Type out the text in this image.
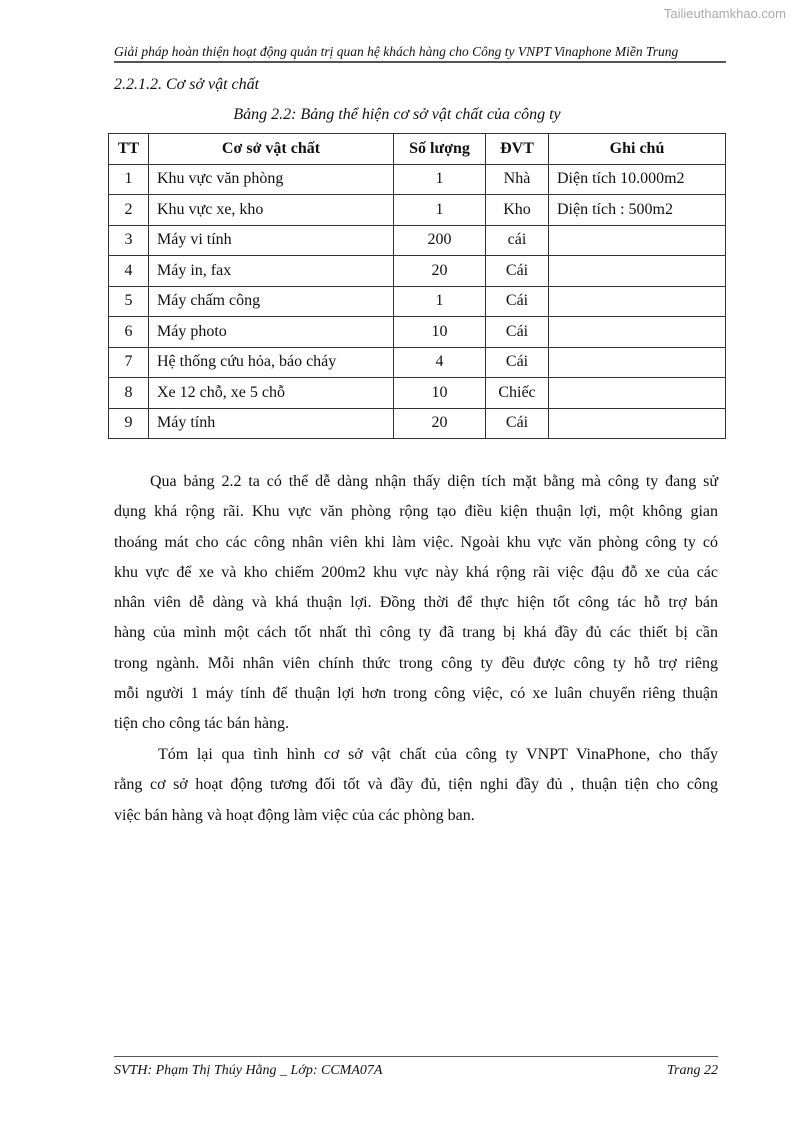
Tailieuthamkhao.com
Giải pháp hoàn thiện hoạt động quản trị quan hệ khách hàng cho Công ty VNPT Vinaphone Miền Trung
2.2.1.2. Cơ sở vật chất
Bảng 2.2: Bảng thể hiện cơ sở vật chất của công ty
TT	Cơ sở vật chất	Số lượng	ĐVT	Ghi chú
1	Khu vực văn phòng	1	Nhà	Diện tích 10.000m2
2	Khu vực xe, kho	1	Kho	Diện tích : 500m2
3	Máy vi tính	200	cái	
4	Máy in, fax	20	Cái	
5	Máy chấm công	1	Cái	
6	Máy photo	10	Cái	
7	Hệ thống cứu hỏa, báo cháy	4	Cái	
8	Xe 12 chỗ, xe 5 chỗ	10	Chiếc	
9	Máy tính	20	Cái	
Qua bảng 2.2 ta có thể dễ dàng nhận thấy diện tích mặt bằng mà công ty đang sử
dụng khá rộng rãi. Khu vực văn phòng rộng tạo điều kiện thuận lợi, một không gian
thoáng mát cho các công nhân viên khi làm việc. Ngoài khu vực văn phòng công ty có
khu vực để xe và kho chiếm 200m2 khu vực này khá rộng rãi việc đậu đỗ xe của các
nhân viên dễ dàng và khá thuận lợi. Đồng thời để thực hiện tốt công tác hỗ trợ bán
hàng của mình một cách tốt nhất thì công ty đã trang bị khá đầy đủ các thiết bị cần
trong ngành. Mỗi nhân viên chính thức trong công ty đều được công ty hỗ trợ riêng
mỗi người 1 máy tính để thuận lợi hơn trong công việc, có xe luân chuyển riêng thuận
tiện cho công tác bán hàng.
Tóm lại qua tình hình cơ sở vật chất của công ty VNPT VinaPhone, cho thấy
rằng cơ sở hoạt động tương đối tốt và đầy đủ, tiện nghi đầy đủ , thuận tiện cho công
việc bán hàng và hoạt động làm việc của các phòng ban.
SVTH: Phạm Thị Thúy Hằng _ Lớp: CCMA07A	Trang 22
